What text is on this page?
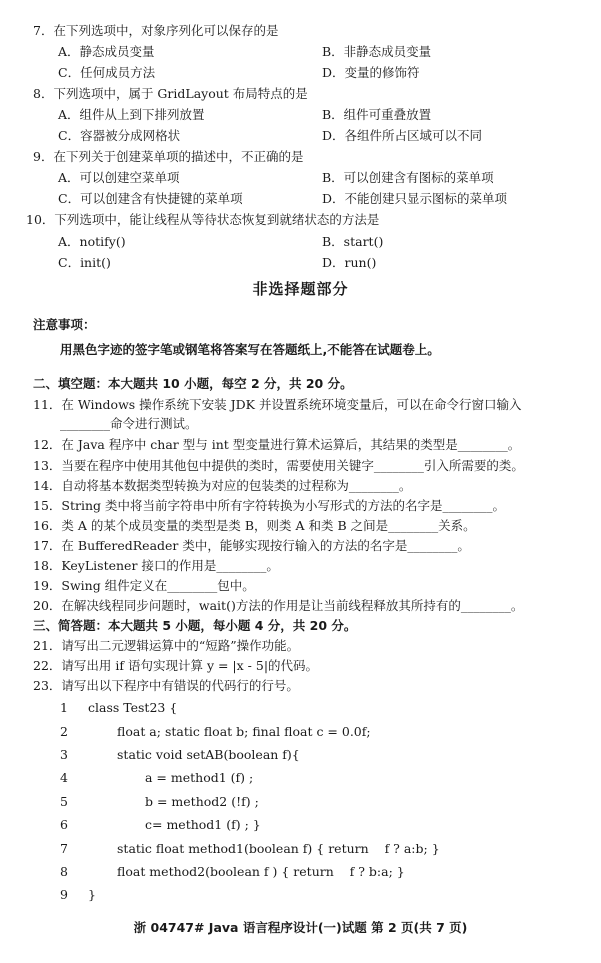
7．在下列选项中，对象序列化可以保存的是
A．静态成员变量	B．非静态成员变量
C．任何成员方法	D．变量的修饰符
8．下列选项中，属于 GridLayout 布局特点的是
A．组件从上到下排列放置	B．组件可重叠放置
C．容器被分成网格状	D．各组件所占区域可以不同
9．在下列关于创建菜单项的描述中，不正确的是
A．可以创建空菜单项	B．可以创建含有图标的菜单项
C．可以创建含有快捷键的菜单项	D．不能创建只显示图标的菜单项
10．下列选项中，能让线程从等待状态恢复到就绪状态的方法是
A．notify()	B．start()
C．init()	D．run()
非选择题部分
注意事项：
用黑色字迹的签字笔或钢笔将答案写在答题纸上,不能答在试题卷上。
二、填空题：本大题共 10 小题，每空 2 分，共 20 分。
11．在 Windows 操作系统下安装 JDK 并设置系统环境变量后，可以在命令行窗口输入
________命令进行测试。
12．在 Java 程序中 char 型与 int 型变量进行算术运算后，其结果的类型是________。
13．当要在程序中使用其他包中提供的类时，需要使用关键字________引入所需要的类。
14．自动将基本数据类型转换为对应的包装类的过程称为________。
15．String 类中将当前字符串中所有字符转换为小写形式的方法的名字是________。
16．类 A 的某个成员变量的类型是类 B，则类 A 和类 B 之间是________关系。
17．在 BufferedReader 类中，能够实现按行输入的方法的名字是________。
18．KeyListener 接口的作用是________。
19．Swing 组件定义在________包中。
20．在解决线程同步问题时，wait()方法的作用是让当前线程释放其所持有的________。
三、简答题：本大题共 5 小题，每小题 4 分，共 20 分。
21．请写出二元逻辑运算中的“短路”操作功能。
22．请写出用 if 语句实现计算 y = |x - 5|的代码。
23．请写出以下程序中有错误的代码行的行号。
1 class Test23 {
2	float a; static float b; final float c = 0.0f;
3	static void setAB(boolean f){
4	a = method1 (f) ;
5	b = method2 (!f) ;
6	c= method1 (f) ; }
7	static float method1(boolean f) { return    f ? a:b; }
8	float method2(boolean f ) { return    f ? b:a; }
9 }
浙 04747# Java 语言程序设计(一)试题 第 2 页(共 7 页)
